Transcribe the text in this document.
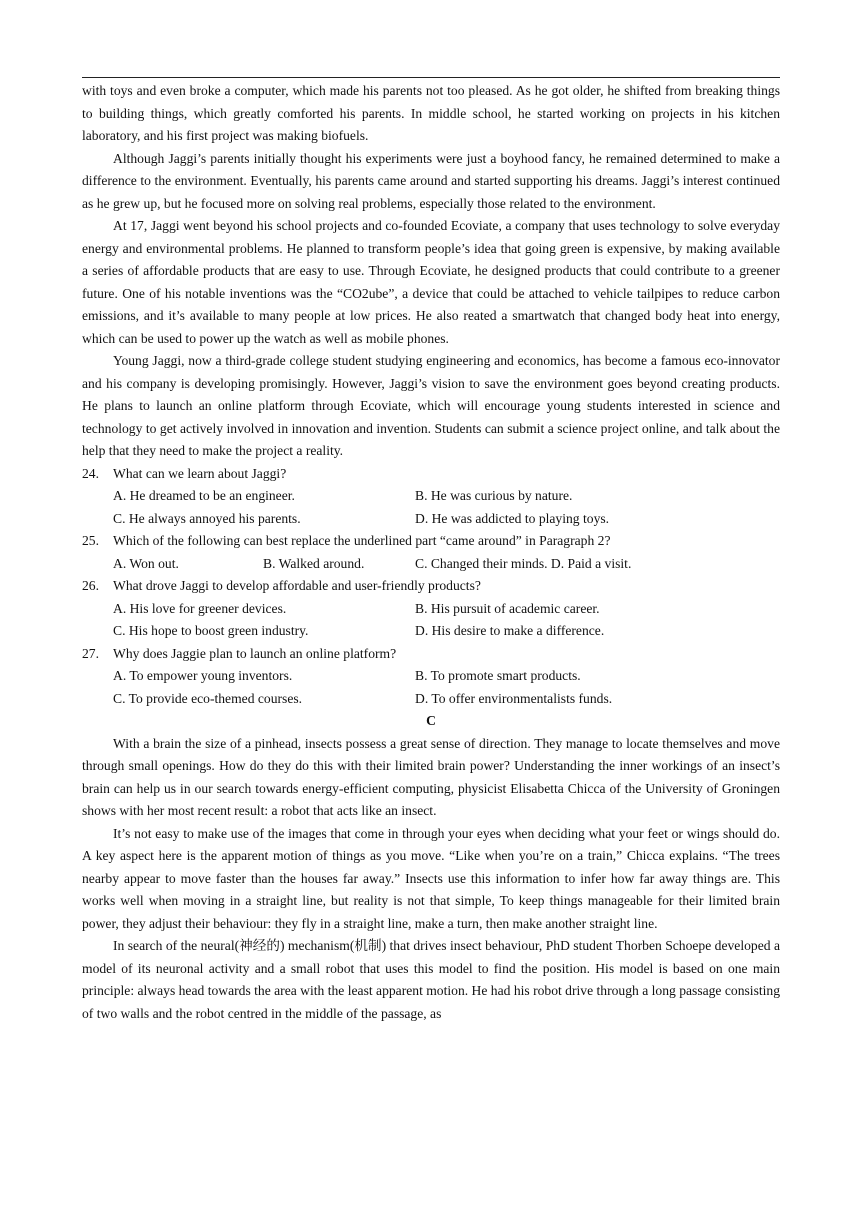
with toys and even broke a computer, which made his parents not too pleased. As he got older, he shifted from breaking things to building things, which greatly comforted his parents. In middle school, he started working on projects in his kitchen laboratory, and his first project was making biofuels.

Although Jaggi’s parents initially thought his experiments were just a boyhood fancy, he remained determined to make a difference to the environment. Eventually, his parents came around and started supporting his dreams. Jaggi’s interest continued as he grew up, but he focused more on solving real problems, especially those related to the environment.

At 17, Jaggi went beyond his school projects and co-founded Ecoviate, a company that uses technology to solve everyday energy and environmental problems. He planned to transform people’s idea that going green is expensive, by making available a series of affordable products that are easy to use. Through Ecoviate, he designed products that could contribute to a greener future. One of his notable inventions was the “CO2ube”, a device that could be attached to vehicle tailpipes to reduce carbon emissions, and it’s available to many people at low prices. He also reated a smartwatch that changed body heat into energy, which can be used to power up the watch as well as mobile phones.

Young Jaggi, now a third-grade college student studying engineering and economics, has become a famous eco-innovator and his company is developing promisingly. However, Jaggi’s vision to save the environment goes beyond creating products. He plans to launch an online platform through Ecoviate, which will encourage young students interested in science and technology to get actively involved in innovation and invention. Students can submit a science project online, and talk about the help that they need to make the project a reality.

24.	What can we learn about Jaggi?
A. He dreamed to be an engineer.	B. He was curious by nature.
C. He always annoyed his parents.	D. He was addicted to playing toys.
25.	Which of the following can best replace the underlined part “came around” in Paragraph 2?
A. Won out.	B. Walked around.	C. Changed their minds. D. Paid a visit.
26.	What drove Jaggi to develop affordable and user-friendly products?
A. His love for greener devices.	B. His pursuit of academic career.
C. His hope to boost green industry.	D. His desire to make a difference.
27.	Why does Jaggie plan to launch an online platform?
A. To empower young inventors.	B. To promote smart products.
C. To provide eco-themed courses.	D. To offer environmentalists funds.
C

With a brain the size of a pinhead, insects possess a great sense of direction. They manage to locate themselves and move through small openings. How do they do this with their limited brain power? Understanding the inner workings of an insect’s brain can help us in our search towards energy-efficient computing, physicist Elisabetta Chicca of the University of Groningen shows with her most recent result: a robot that acts like an insect.

It’s not easy to make use of the images that come in through your eyes when deciding what your feet or wings should do. A key aspect here is the apparent motion of things as you move. “Like when you’re on a train,” Chicca explains. “The trees nearby appear to move faster than the houses far away.” Insects use this information to infer how far away things are. This works well when moving in a straight line, but reality is not that simple, To keep things manageable for their limited brain power, they adjust their behaviour: they fly in a straight line, make a turn, then make another straight line.

In search of the neural(神经的) mechanism(机制) that drives insect behaviour, PhD student Thorben Schoepe developed a model of its neuronal activity and a small robot that uses this model to find the position. His model is based on one main principle: always head towards the area with the least apparent motion. He had his robot drive through a long passage consisting of two walls and the robot centred in the middle of the passage, as
